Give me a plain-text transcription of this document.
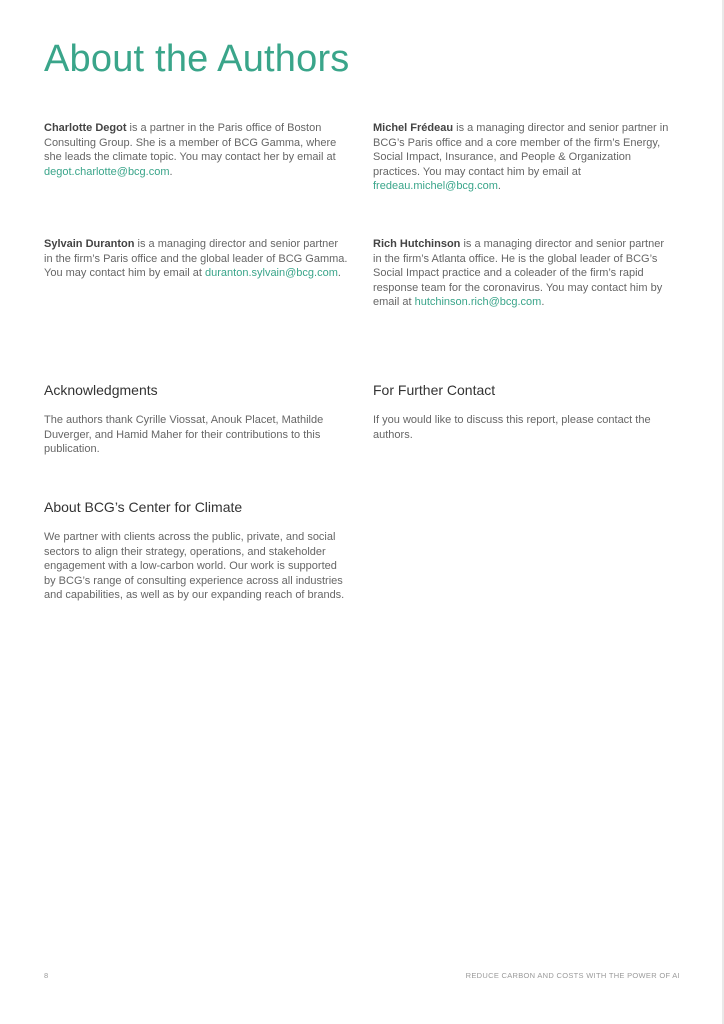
About the Authors

Charlotte Degot is a partner in the Paris office of Boston Consulting Group. She is a member of BCG Gamma, where she leads the climate topic. You may contact her by email at degot.charlotte@bcg.com.

Michel Frédeau is a managing director and senior partner in BCG’s Paris office and a core member of the firm’s Energy, Social Impact, Insurance, and People & Organization practices. You may contact him by email at fredeau.michel@bcg.com.

Sylvain Duranton is a managing director and senior partner in the firm’s Paris office and the global leader of BCG Gamma. You may contact him by email at duranton.sylvain@bcg.com.

Rich Hutchinson is a managing director and senior partner in the firm’s Atlanta office. He is the global leader of BCG’s Social Impact practice and a coleader of the firm’s rapid response team for the coronavirus. You may contact him by email at hutchinson.rich@bcg.com.

Acknowledgments

The authors thank Cyrille Viossat, Anouk Placet, Mathilde Duverger, and Hamid Maher for their contributions to this publication.

For Further Contact

If you would like to discuss this report, please contact the authors.

About BCG’s Center for Climate

We partner with clients across the public, private, and social sectors to align their strategy, operations, and stakeholder engagement with a low-carbon world. Our work is supported by BCG’s range of consulting experience across all industries and capabilities, as well as by our expanding reach of brands.

8	REDUCE CARBON AND COSTS WITH THE POWER OF AI
